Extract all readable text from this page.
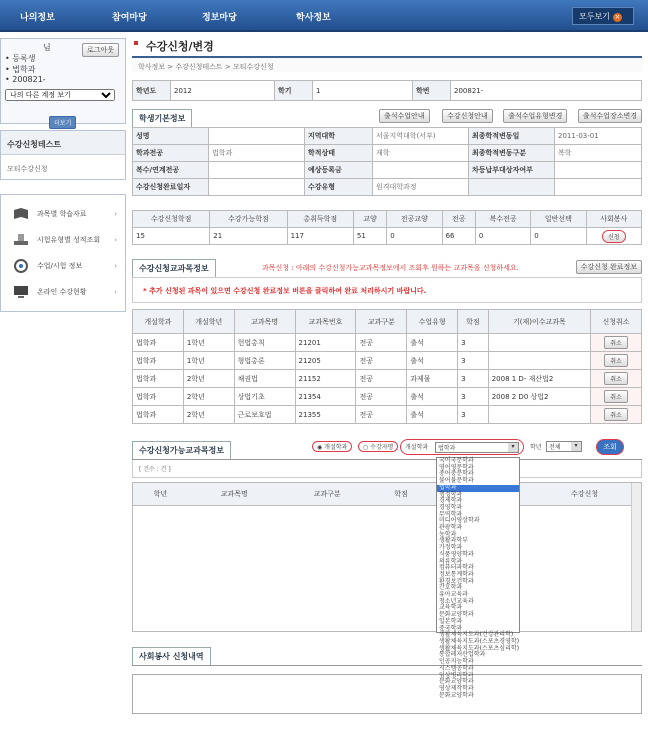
나의정보	참여마당	정보마당	학사정보	모두보기 ×
님	로그아웃
• 등록생
• 법학과
• 200821-
나의 다른 계정 보기
더보기
수강신청테스트
모티수강신청
과목별 학습자료	›
시험유형별 성적조회 ›
수업/시험 정보	›
온라인 수강현황	›
수강신청/변경
학사정보 > 수강신청테스트 > 모티수강신청
학년도	2012	학기	1	학번	200821-
학생기본정보	출석수업안내	수강신청안내	출석수업유형변경	출석수업장소변경
성명		지역대학	서울지역대학(서부)	최종학적변동일	2011-03-01
학과전공	법학과	학적상태	재학	최종학적변동구분	복학
복수/연계전공		예상등록금		차등납부대상자여부	
수강신청완료일자		수강유형	원격대학과정		
수강신청학점	수강가능학점	총취득학점	교양	전공교양	전공	복수전공	일반선택	사회봉사
15	21	117	51	0	66	0	0	신청
수강신청교과목정보	과목신청 : 아래의 수강신청가능교과목정보에서 조회후 원하는 교과목을 신청하세요.	수강신청 완료정보
* 추가 신청된 과목이 있으면 수강신청 완료정보 버튼을 클릭하여 완료 처리하시기 바랍니다.
개설학과	개설학년	교과목명	교과목번호	교과구분	수업유형	학점	기(재)이수교과목	신청취소
법학과	1학년	헌법총칙	21201	전공	출석	3		취소
법학과	1학년	형법총론	21205	전공	출석	3		취소
법학과	2학년	채권법	21152	전공	과제물	3	2008 1 D- 재산법2	취소
법학과	2학년	상법기초	21354	전공	출석	3	2008 2 D0 상법2	취소
법학과	2학년	근로보호법	21355	전공	출석	3		취소
수강신청가능교과목정보	◉ 개설학과	○ 수강자명	개설학과	법학과	▾	학년	전체	▾	조회
[ 건수 : 건 ]
학년	교과목명	교과구분	학점			수강신청
사회봉사 신청내역
국어국문학과
영어영문학과
중어중문학과
불어불문학과
법학과
행정학과
경제학과
경영학과
무역학과
미디어영상학과
관광학과
농학과
생활과학부
가정학과
식품영양학과
의류학과
컴퓨터과학과
정보통계학과
환경보건학과
간호학과
유아교육과
청소년교육과
교육학과
문화교양학과
일본학과
중국학과
생활체육지도과(건강관리학)
생활체육지도과(스포츠경영학)
생활체육지도과(스포츠심리학)
통합레저산업학과
인공지능학과
시스템공학과
임상병리학과
문화교양학과
영상제작학과
문화교양학과
